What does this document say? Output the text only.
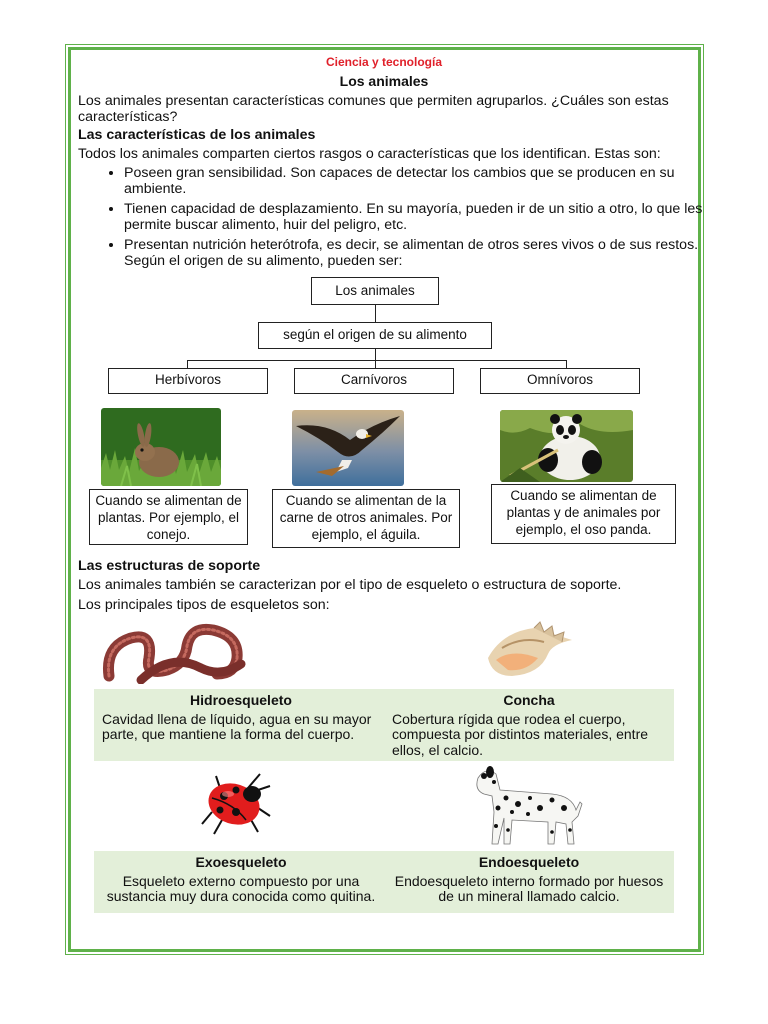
Ciencia y tecnología
Los animales
Los animales presentan características comunes que permiten agruparlos. ¿Cuáles son estas características?
Las características de los animales
Todos los animales comparten ciertos rasgos o características que los identifican. Estas son:
• Poseen gran sensibilidad. Son capaces de detectar los cambios que se producen en su ambiente.
• Tienen capacidad de desplazamiento. En su mayoría, pueden ir de un sitio a otro, lo que les permite buscar alimento, huir del peligro, etc.
• Presentan nutrición heterótrofa, es decir, se alimentan de otros seres vivos o de sus restos. Según el origen de su alimento, pueden ser:
Los animales
según el origen de su alimento
Herbívoros	Carnívoros	Omnívoros
Cuando se alimentan de plantas. Por ejemplo, el conejo.
Cuando se alimentan de la carne de otros animales. Por ejemplo, el águila.
Cuando se alimentan de plantas y de animales por ejemplo, el oso panda.
Las estructuras de soporte
Los animales también se caracterizan por el tipo de esqueleto o estructura de soporte.
Los principales tipos de esqueletos son:
Hidroesqueleto
Cavidad llena de líquido, agua en su mayor parte, que mantiene la forma del cuerpo.
Concha
Cobertura rígida que rodea el cuerpo, compuesta por distintos materiales, entre ellos, el calcio.
Exoesqueleto
Esqueleto externo compuesto por una sustancia muy dura conocida como quitina.
Endoesqueleto
Endoesqueleto interno formado por huesos de un mineral llamado calcio.
